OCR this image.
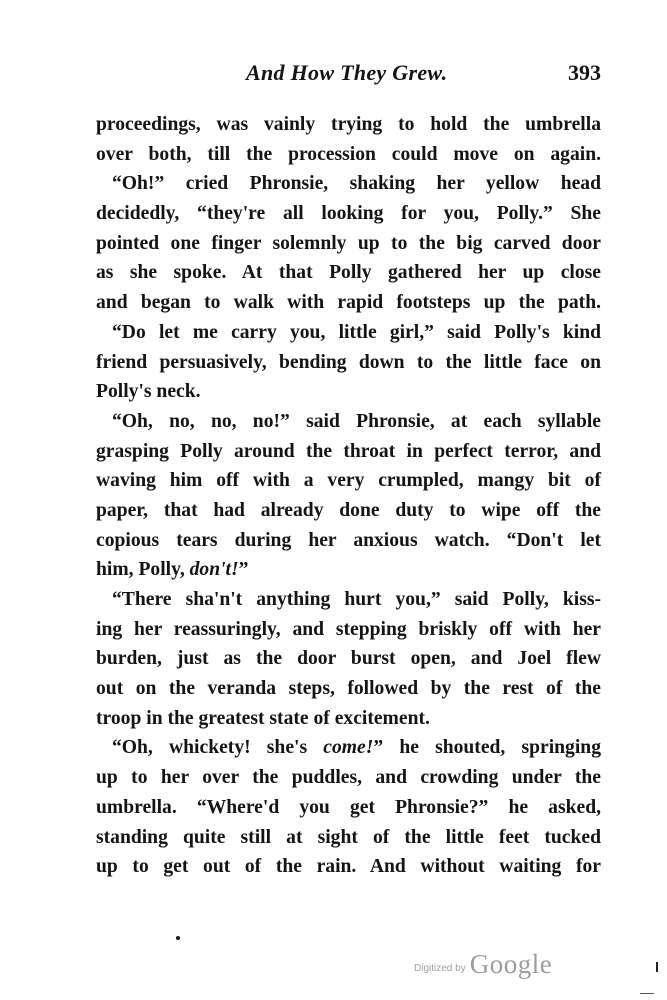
And How They Grew.	393
proceedings, was vainly trying to hold the umbrella
over both, till the procession could move on again.
“Oh!” cried Phronsie, shaking her yellow head
decidedly, “they're all looking for you, Polly.” She
pointed one finger solemnly up to the big carved door
as she spoke. At that Polly gathered her up close
and began to walk with rapid footsteps up the path.
“Do let me carry you, little girl,” said Polly's kind
friend persuasively, bending down to the little face on
Polly's neck.
“Oh, no, no, no!” said Phronsie, at each syllable
grasping Polly around the throat in perfect terror, and
waving him off with a very crumpled, mangy bit of
paper, that had already done duty to wipe off the
copious tears during her anxious watch. “Don't let
him, Polly, don't!”
“There sha'n't anything hurt you,” said Polly, kiss-
ing her reassuringly, and stepping briskly off with her
burden, just as the door burst open, and Joel flew
out on the veranda steps, followed by the rest of the
troop in the greatest state of excitement.
“Oh, whickety! she's come!” he shouted, springing
up to her over the puddles, and crowding under the
umbrella. “Where'd you get Phronsie?” he asked,
standing quite still at sight of the little feet tucked
up to get out of the rain. And without waiting for
Digitized by Google
